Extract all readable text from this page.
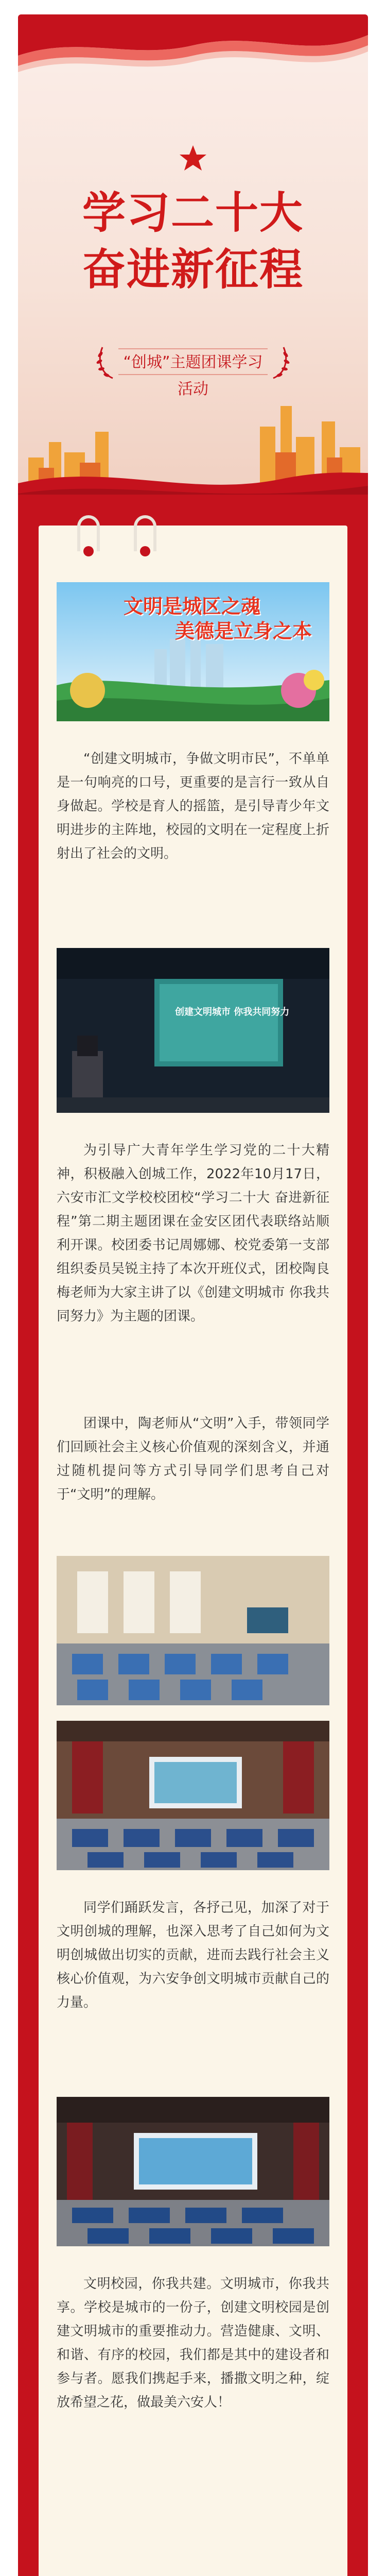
学习二十大
奋进新征程
“创城”主题团课学习活动
文明是城区之魂
美德是立身之本
“创建文明城市，争做文明市民”，不单单是一句响亮的口号，更重要的是言行一致从自身做起。学校是育人的摇篮，是引导青少年文明进步的主阵地，校园的文明在一定程度上折射出了社会的文明。
创建文明城市 你我共同努力
为引导广大青年学生学习党的二十大精神，积极融入创城工作，2022年10月17日，六安市汇文学校校团校“学习二十大 奋进新征程”第二期主题团课在金安区团代表联络站顺利开课。校团委书记周娜娜、校党委第一支部组织委员吴锐主持了本次开班仪式，团校陶良梅老师为大家主讲了以《创建文明城市 你我共同努力》为主题的团课。
团课中，陶老师从“文明”入手，带领同学们回顾社会主义核心价值观的深刻含义，并通过随机提问等方式引导同学们思考自己对于“文明”的理解。
同学们踊跃发言，各抒己见，加深了对于文明创城的理解，也深入思考了自己如何为文明创城做出切实的贡献，进而去践行社会主义核心价值观，为六安争创文明城市贡献自己的力量。
文明校园，你我共建。文明城市，你我共享。学校是城市的一份子，创建文明校园是创建文明城市的重要推动力。营造健康、文明、和谐、有序的校园，我们都是其中的建设者和参与者。愿我们携起手来，播撒文明之种，绽放希望之花，做最美六安人！
